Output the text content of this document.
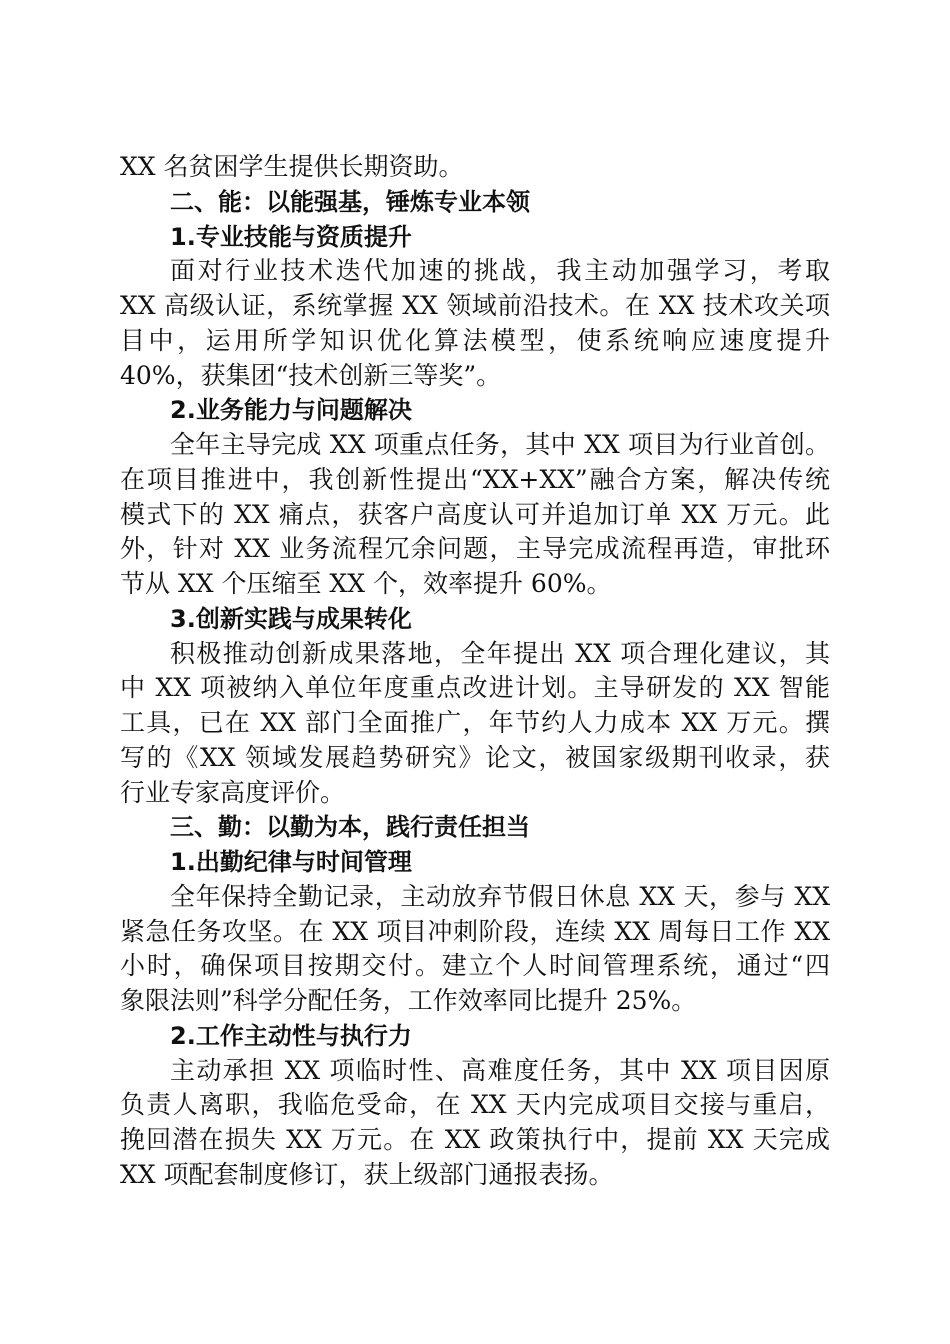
XX 名贫困学生提供长期资助。
二、能：以能强基，锤炼专业本领
1.专业技能与资质提升
面对行业技术迭代加速的挑战，我主动加强学习，考取
XX 高级认证，系统掌握 XX 领域前沿技术。在 XX 技术攻关项
目中，运用所学知识优化算法模型，使系统响应速度提升
40%，获集团“技术创新三等奖”。
2.业务能力与问题解决
全年主导完成 XX 项重点任务，其中 XX 项目为行业首创。
在项目推进中，我创新性提出“XX+XX”融合方案，解决传统
模式下的 XX 痛点，获客户高度认可并追加订单 XX 万元。此
外，针对 XX 业务流程冗余问题，主导完成流程再造，审批环
节从 XX 个压缩至 XX 个，效率提升 60%。
3.创新实践与成果转化
积极推动创新成果落地，全年提出 XX 项合理化建议，其
中 XX 项被纳入单位年度重点改进计划。主导研发的 XX 智能
工具，已在 XX 部门全面推广，年节约人力成本 XX 万元。撰
写的《XX 领域发展趋势研究》论文，被国家级期刊收录，获
行业专家高度评价。
三、勤：以勤为本，践行责任担当
1.出勤纪律与时间管理
全年保持全勤记录，主动放弃节假日休息 XX 天，参与 XX
紧急任务攻坚。在 XX 项目冲刺阶段，连续 XX 周每日工作 XX
小时，确保项目按期交付。建立个人时间管理系统，通过“四
象限法则”科学分配任务，工作效率同比提升 25%。
2.工作主动性与执行力
主动承担 XX 项临时性、高难度任务，其中 XX 项目因原
负责人离职，我临危受命，在 XX 天内完成项目交接与重启，
挽回潜在损失 XX 万元。在 XX 政策执行中，提前 XX 天完成
XX 项配套制度修订，获上级部门通报表扬。
